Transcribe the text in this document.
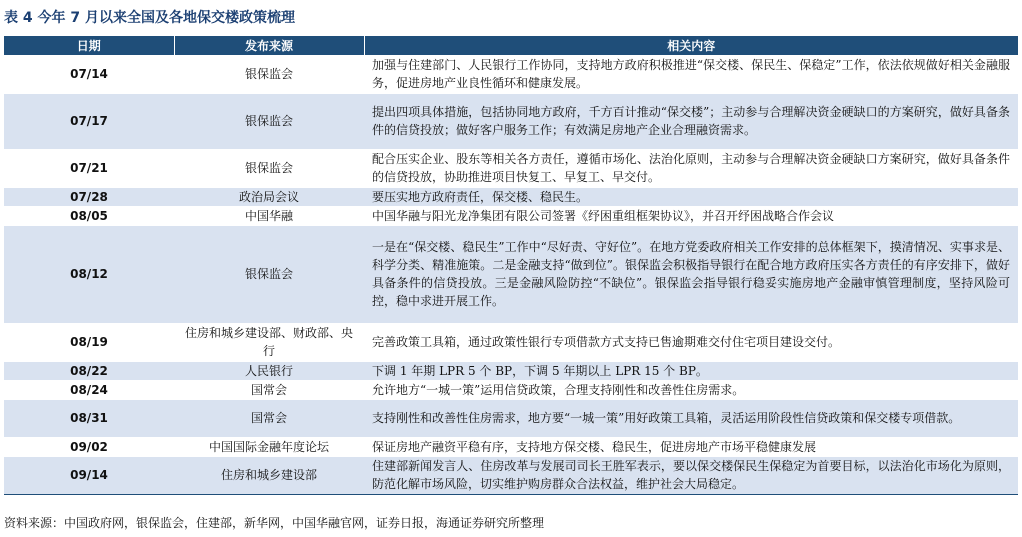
表 4 今年 7 月以来全国及各地保交楼政策梳理
日期	发布来源	相关内容
07/14	银保监会	加强与住建部门、人民银行工作协同，支持地方政府积极推进“保交楼、保民生、保稳定”工作，依法依规做好相关金融服务，促进房地产业良性循环和健康发展。
07/17	银保监会	提出四项具体措施，包括协同地方政府，千方百计推动“保交楼”；主动参与合理解决资金硬缺口的方案研究，做好具备条件的信贷投放；做好客户服务工作；有效满足房地产企业合理融资需求。
07/21	银保监会	配合压实企业、股东等相关各方责任，遵循市场化、法治化原则，主动参与合理解决资金硬缺口方案研究，做好具备条件的信贷投放，协助推进项目快复工、早复工、早交付。
07/28	政治局会议	要压实地方政府责任，保交楼、稳民生。
08/05	中国华融	中国华融与阳光龙净集团有限公司签署《纾困重组框架协议》，并召开纾困战略合作会议
08/12	银保监会	一是在“保交楼、稳民生”工作中“尽好责、守好位”。在地方党委政府相关工作安排的总体框架下，摸清情况、实事求是、科学分类、精准施策。二是金融支持“做到位”。银保监会积极指导银行在配合地方政府压实各方责任的有序安排下，做好具备条件的信贷投放。三是金融风险防控“不缺位”。银保监会指导银行稳妥实施房地产金融审慎管理制度，坚持风险可控，稳中求进开展工作。
08/19	住房和城乡建设部、财政部、央行	完善政策工具箱，通过政策性银行专项借款方式支持已售逾期难交付住宅项目建设交付。
08/22	人民银行	下调 1 年期 LPR 5 个 BP，下调 5 年期以上 LPR 15 个 BP。
08/24	国常会	允许地方“一城一策”运用信贷政策，合理支持刚性和改善性住房需求。
08/31	国常会	支持刚性和改善性住房需求，地方要“一城一策”用好政策工具箱，灵活运用阶段性信贷政策和保交楼专项借款。
09/02	中国国际金融年度论坛	保证房地产融资平稳有序，支持地方保交楼、稳民生，促进房地产市场平稳健康发展
09/14	住房和城乡建设部	住建部新闻发言人、住房改革与发展司司长王胜军表示，要以保交楼保民生保稳定为首要目标，以法治化市场化为原则，防范化解市场风险，切实维护购房群众合法权益，维护社会大局稳定。
资料来源：中国政府网，银保监会，住建部，新华网，中国华融官网，证券日报，海通证券研究所整理
